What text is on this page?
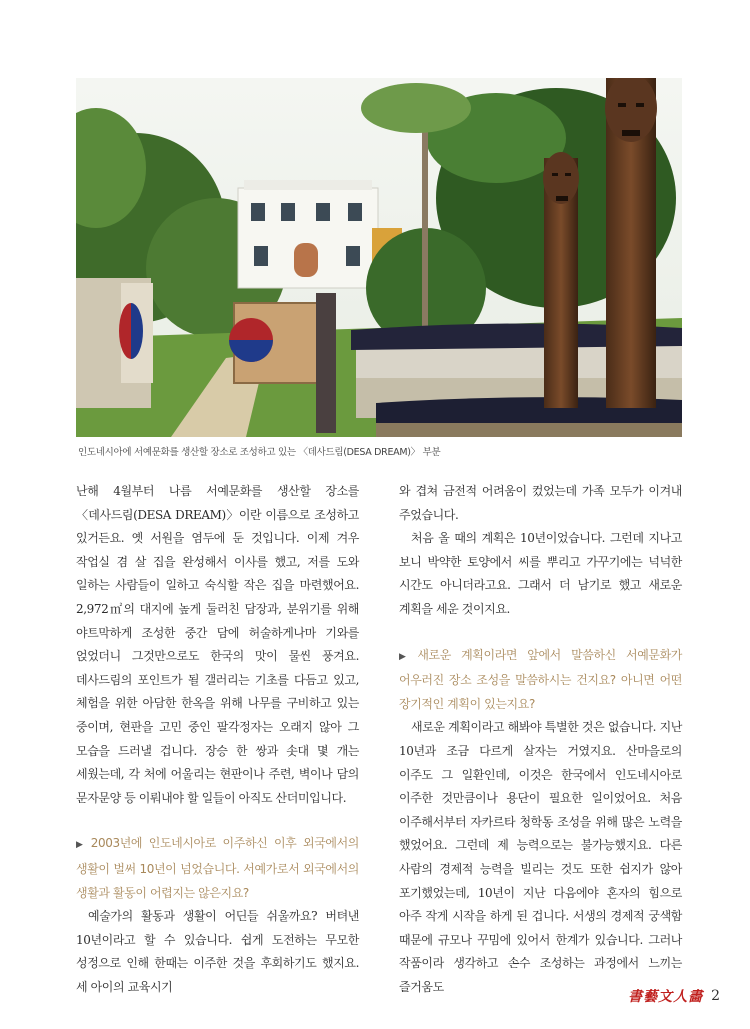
인도네시아에 서예문화를 생산할 장소로 조성하고 있는 〈데사드림(DESA DREAM)〉 부분

난해 4월부터 나름 서예문화를 생산할 장소를 〈데사드림(DESA DREAM)〉이란 이름으로 조성하고 있거든요. 옛 서원을 염두에 둔 것입니다. 이제 겨우 작업실 겸 살 집을 완성해서 이사를 했고, 저를 도와 일하는 사람들이 일하고 숙식할 작은 집을 마련했어요. 2,972㎡의 대지에 높게 둘러친 담장과, 분위기를 위해 야트막하게 조성한 중간 담에 허술하게나마 기와를 얹었더니 그것만으로도 한국의 맛이 물씬 풍겨요. 데사드림의 포인트가 될 갤러리는 기초를 다듬고 있고, 체험을 위한 아담한 한옥을 위해 나무를 구비하고 있는 중이며, 현판을 고민 중인 팔각정자는 오래지 않아 그 모습을 드러낼 겁니다. 장승 한 쌍과 솟대 몇 개는 세웠는데, 각 처에 어울리는 현판이나 주련, 벽이나 담의 문자문양 등 이뤄내야 할 일들이 아직도 산더미입니다.

▶ 2003년에 인도네시아로 이주하신 이후 외국에서의 생활이 벌써 10년이 넘었습니다. 서예가로서 외국에서의 생활과 활동이 어렵지는 않은지요?

예술가의 활동과 생활이 어딘들 쉬울까요? 버텨낸 10년이라고 할 수 있습니다. 쉽게 도전하는 무모한 성정으로 인해 한때는 이주한 것을 후회하기도 했지요. 세 아이의 교육시기

와 겹쳐 금전적 어려움이 컸었는데 가족 모두가 이겨내 주었습니다.

처음 올 때의 계획은 10년이었습니다. 그런데 지나고 보니 박약한 토양에서 씨를 뿌리고 가꾸기에는 넉넉한 시간도 아니더라고요. 그래서 더 남기로 했고 새로운 계획을 세운 것이지요.

▶ 새로운 계획이라면 앞에서 말씀하신 서예문화가 어우러진 장소 조성을 말씀하시는 건지요? 아니면 어떤 장기적인 계획이 있는지요?

새로운 계획이라고 해봐야 특별한 것은 없습니다. 지난 10년과 조금 다르게 살자는 거였지요. 산마을로의 이주도 그 일환인데, 이것은 한국에서 인도네시아로 이주한 것만큼이나 용단이 필요한 일이었어요. 처음 이주해서부터 자카르타 청학동 조성을 위해 많은 노력을 했었어요. 그런데 제 능력으로는 불가능했지요. 다른 사람의 경제적 능력을 빌리는 것도 또한 쉽지가 않아 포기했었는데, 10년이 지난 다음에야 혼자의 힘으로 아주 작게 시작을 하게 된 겁니다. 서생의 경제적 궁색함 때문에 규모나 꾸밈에 있어서 한계가 있습니다. 그러나 작품이라 생각하고 손수 조성하는 과정에서 느끼는 즐거움도

書藝文人畵 2
